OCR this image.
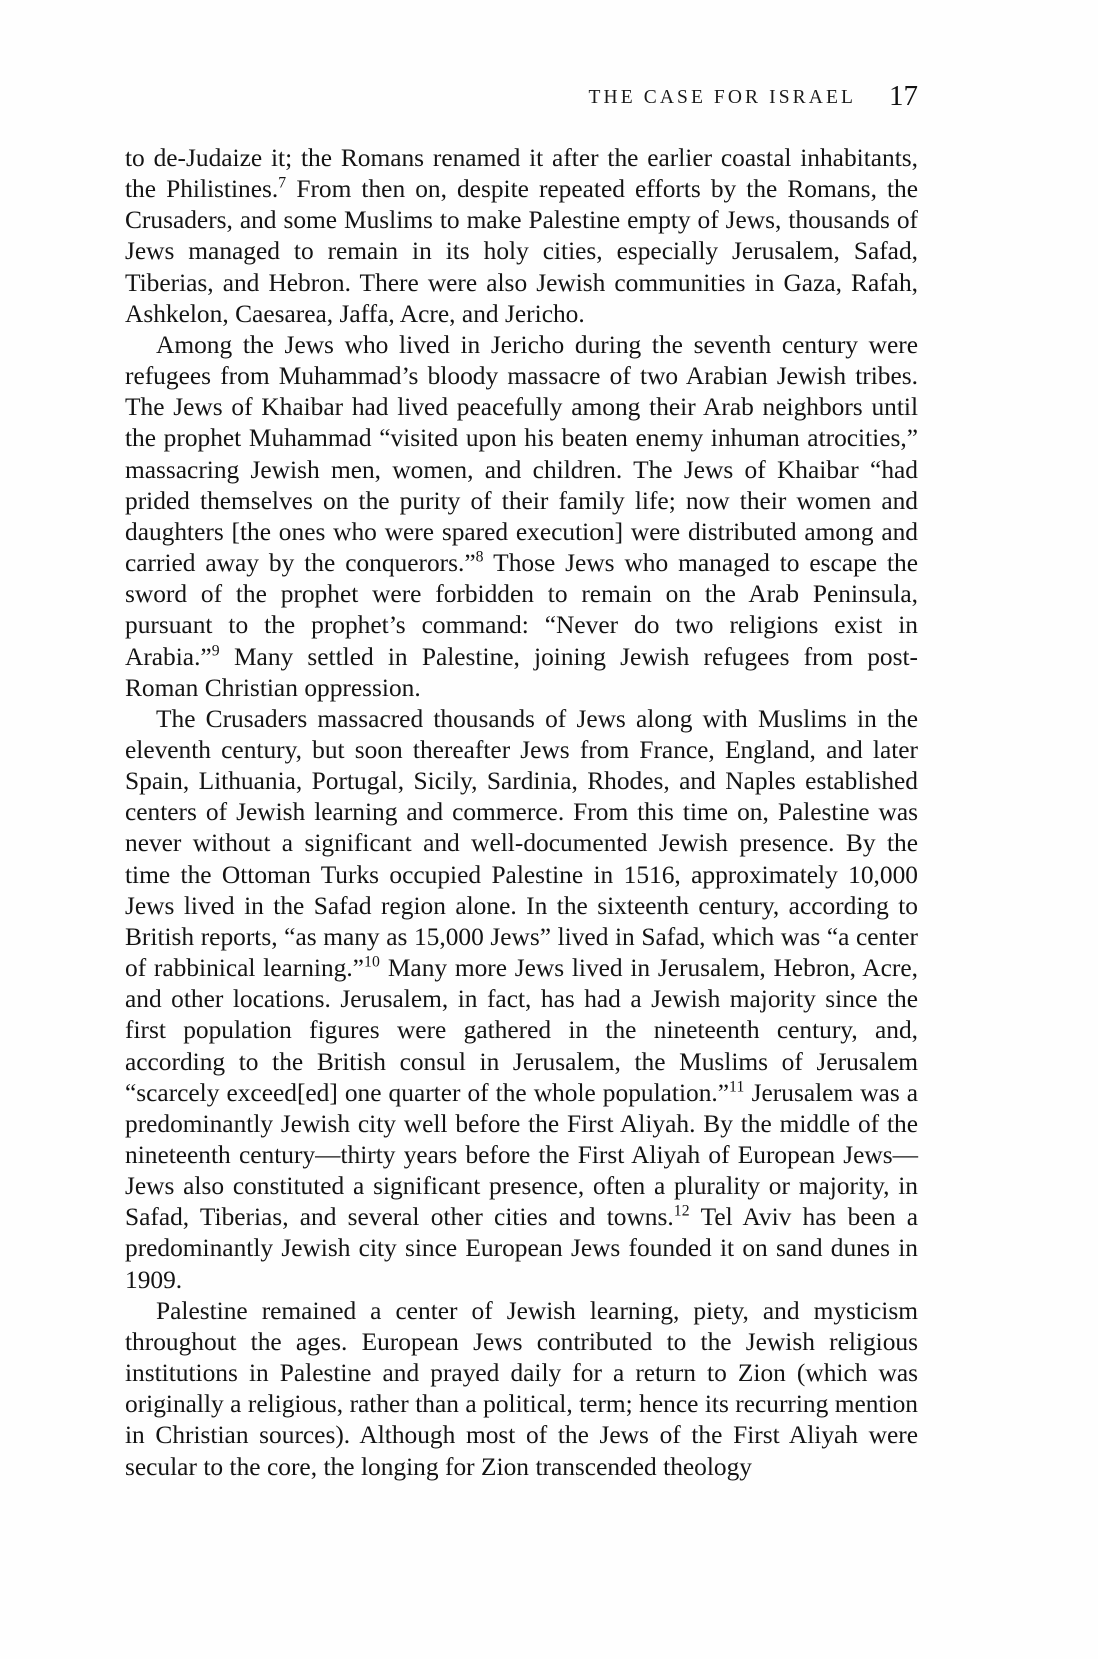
THE CASE FOR ISRAEL 17

to de-Judaize it; the Romans renamed it after the earlier coastal inhabitants, the Philistines.$^7$ From then on, despite repeated efforts by the Romans, the Crusaders, and some Muslims to make Palestine empty of Jews, thousands of Jews managed to remain in its holy cities, especially Jerusalem, Safad, Tiberias, and Hebron. There were also Jewish communities in Gaza, Rafah, Ashkelon, Caesarea, Jaffa, Acre, and Jericho.

Among the Jews who lived in Jericho during the seventh century were refugees from Muhammad’s bloody massacre of two Arabian Jewish tribes. The Jews of Khaibar had lived peacefully among their Arab neighbors until the prophet Muhammad “visited upon his beaten enemy inhuman atrocities,” massacring Jewish men, women, and children. The Jews of Khaibar “had prided themselves on the purity of their family life; now their women and daughters [the ones who were spared execution] were distributed among and carried away by the conquerors.”$^8$ Those Jews who managed to escape the sword of the prophet were forbidden to remain on the Arab Peninsula, pursuant to the prophet’s command: “Never do two religions exist in Arabia.”$^9$ Many settled in Palestine, joining Jewish refugees from post-Roman Christian oppression.

The Crusaders massacred thousands of Jews along with Muslims in the eleventh century, but soon thereafter Jews from France, England, and later Spain, Lithuania, Portugal, Sicily, Sardinia, Rhodes, and Naples established centers of Jewish learning and commerce. From this time on, Palestine was never without a significant and well-documented Jewish presence. By the time the Ottoman Turks occupied Palestine in 1516, approximately 10,000 Jews lived in the Safad region alone. In the sixteenth century, according to British reports, “as many as 15,000 Jews” lived in Safad, which was “a center of rabbinical learning.”$^{10}$ Many more Jews lived in Jerusalem, Hebron, Acre, and other locations. Jerusalem, in fact, has had a Jewish majority since the first population figures were gathered in the nineteenth century, and, according to the British consul in Jerusalem, the Muslims of Jerusalem “scarcely exceed[ed] one quarter of the whole population.”$^{11}$ Jerusalem was a predominantly Jewish city well before the First Aliyah. By the middle of the nineteenth century—thirty years before the First Aliyah of European Jews—Jews also constituted a significant presence, often a plurality or majority, in Safad, Tiberias, and several other cities and towns.$^{12}$ Tel Aviv has been a predominantly Jewish city since European Jews founded it on sand dunes in 1909.

Palestine remained a center of Jewish learning, piety, and mysticism throughout the ages. European Jews contributed to the Jewish religious institutions in Palestine and prayed daily for a return to Zion (which was originally a religious, rather than a political, term; hence its recurring mention in Christian sources). Although most of the Jews of the First Aliyah were secular to the core, the longing for Zion transcended theology
